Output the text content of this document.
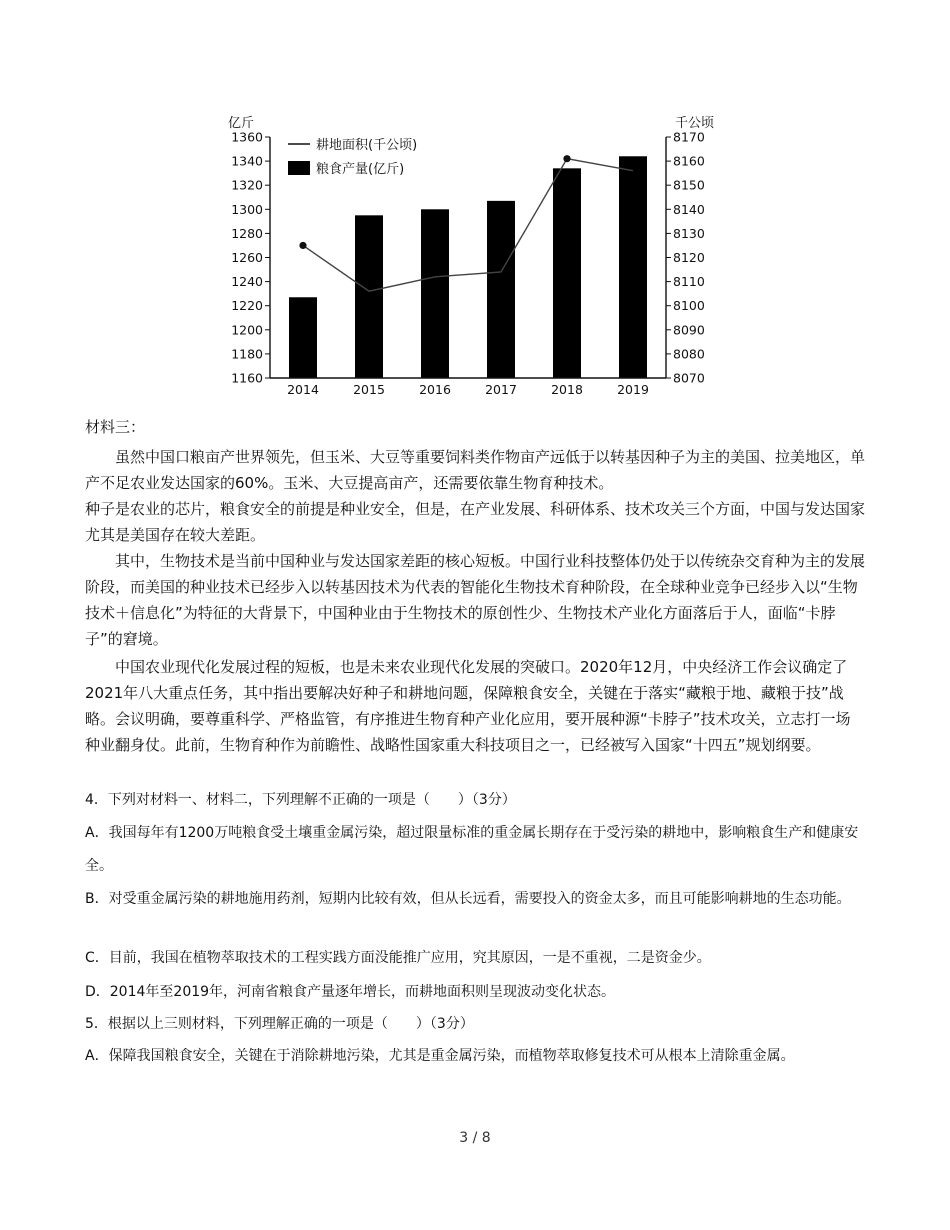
亿斤	千公顷
1160
1180
1200
1220
1240
1260
1280
1300
1320
1340
1360
8070
8080
8090
8100
8110
8120
8130
8140
8150
8160
8170
2014	2015	2016	2017	2018	2019
耕地面积(千公顷)
粮食产量(亿斤)

材料三：

虽然中国口粮亩产世界领先，但玉米、大豆等重要饲料类作物亩产远低于以转基因种子为主的美国、拉美地区，单产不足农业发达国家的60%。玉米、大豆提高亩产，还需要依靠生物育种技术。

种子是农业的芯片，粮食安全的前提是种业安全，但是，在产业发展、科研体系、技术攻关三个方面，中国与发达国家尤其是美国存在较大差距。

其中，生物技术是当前中国种业与发达国家差距的核心短板。中国行业科技整体仍处于以传统杂交育种为主的发展阶段，而美国的种业技术已经步入以转基因技术为代表的智能化生物技术育种阶段，在全球种业竞争已经步入以“生物技术＋信息化”为特征的大背景下，中国种业由于生物技术的原创性少、生物技术产业化方面落后于人，面临“卡脖子”的窘境。

中国农业现代化发展过程的短板，也是未来农业现代化发展的突破口。2020年12月，中央经济工作会议确定了2021年八大重点任务，其中指出要解决好种子和耕地问题，保障粮食安全，关键在于落实“藏粮于地、藏粮于技”战略。会议明确，要尊重科学、严格监管，有序推进生物育种产业化应用，要开展种源“卡脖子”技术攻关，立志打一场种业翻身仗。此前，生物育种作为前瞻性、战略性国家重大科技项目之一，已经被写入国家“十四五”规划纲要。

4．下列对材料一、材料二，下列理解不正确的一项是（　　）（3分）

A．我国每年有1200万吨粮食受土壤重金属污染，超过限量标准的重金属长期存在于受污染的耕地中，影响粮食生产和健康安全。

B．对受重金属污染的耕地施用药剂，短期内比较有效，但从长远看，需要投入的资金太多，而且可能影响耕地的生态功能。

C．目前，我国在植物萃取技术的工程实践方面没能推广应用，究其原因，一是不重视，二是资金少。

D．2014年至2019年，河南省粮食产量逐年增长，而耕地面积则呈现波动变化状态。

5．根据以上三则材料，下列理解正确的一项是（　　）（3分）

A．保障我国粮食安全，关键在于消除耕地污染，尤其是重金属污染，而植物萃取修复技术可从根本上清除重金属。

3 / 8
